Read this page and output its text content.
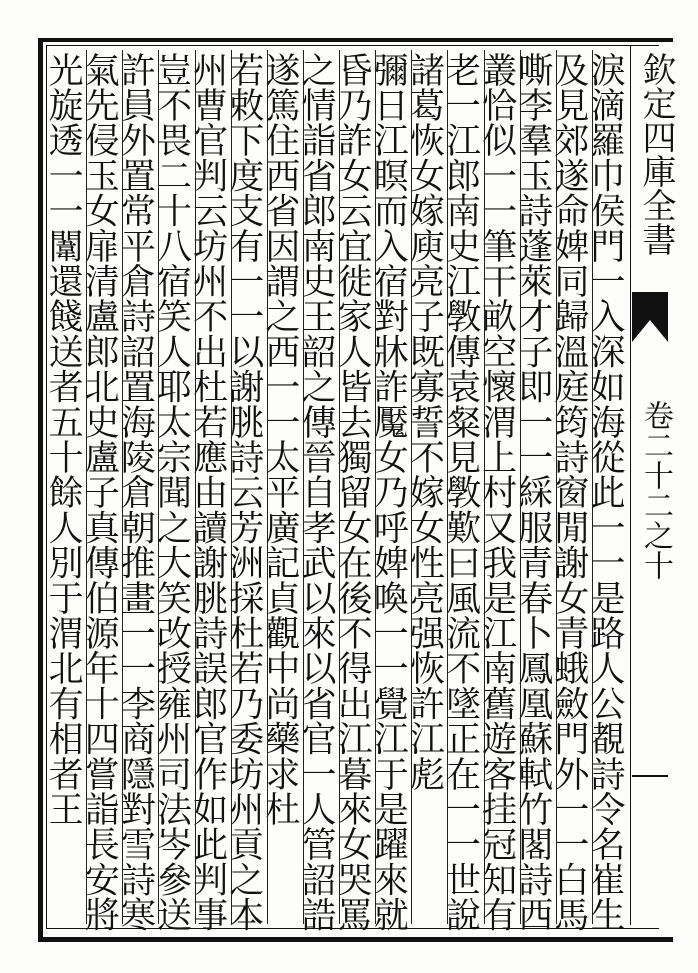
欽定四庫全書
卷二十二之十
淚滴羅巾侯門一入深如海從此一一是路人公覩詩令名崔生
及見郊遂命婢同歸溫庭筠詩窗閒謝女青蛾斂門外一一白馬
嘶李羣玉詩蓬萊才子即一一綵服青春卜鳳凰蘇軾竹閣詩西
叢恰似一一筆干畝空懷渭上村又我是江南舊遊客挂冠知有
老一江郎南史江斆傳袁粲見斆歎曰風流不墜正在一一世說
諸葛恢女嫁庾亮子既寡誓不嫁女性亮强恢許江彪
彌日江瞑而入宿對牀詐魘女乃呼婢喚一一覺江于是躍來就
昏乃詐女云宜徙家人皆去獨留女在後不得出江暮來女哭罵
之情詣省郎南史王韶之傳晉自孝武以來以省官一人管詔誥
遂篤住西省因謂之西一一太平廣記貞觀中尚藥求杜
若敕下度支有一一以謝朓詩云芳洲採杜若乃委坊州貢之本
州曹官判云坊州不出杜若應由讀謝朓詩誤郎官作如此判事
豈不畏二十八宿笑人耶太宗聞之大笑改授雍州司法岑參送
許員外置常平倉詩詔置海陵倉朝推畫一一李商隱對雪詩寒
氣先侵玉女扉清盧郎北史盧子真傳伯源年十四嘗詣長安將
光旋透一一闈還餞送者五十餘人別于渭北有相者王
